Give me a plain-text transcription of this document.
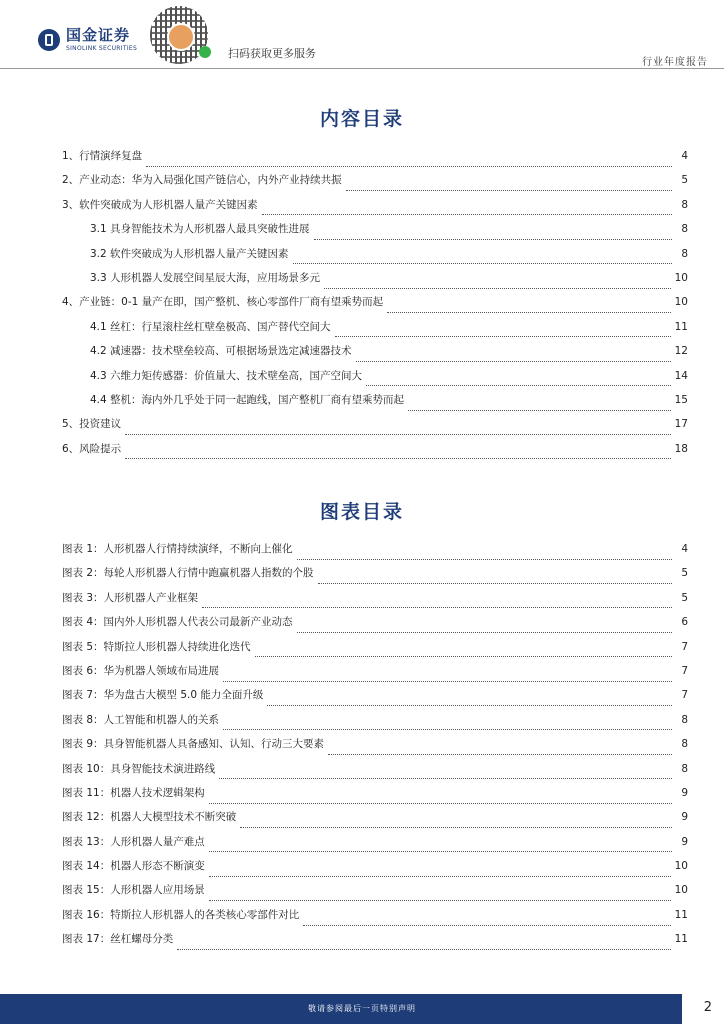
国金证券
SINOLINK SECURITIES	扫码获取更多服务
行业年度报告
内容目录
1、行情演绎复盘	4
2、产业动态：华为入局强化国产链信心，内外产业持续共振	5
3、软件突破成为人形机器人量产关键因素	8
3.1 具身智能技术为人形机器人最具突破性进展	8
3.2 软件突破成为人形机器人量产关键因素	8
3.3 人形机器人发展空间星辰大海，应用场景多元	10
4、产业链：0-1 量产在即，国产整机、核心零部件厂商有望乘势而起	10
4.1 丝杠：行星滚柱丝杠壁垒极高、国产替代空间大	11
4.2 减速器：技术壁垒较高、可根据场景选定减速器技术	12
4.3 六维力矩传感器：价值量大、技术壁垒高，国产空间大	14
4.4 整机：海内外几乎处于同一起跑线，国产整机厂商有望乘势而起	15
5、投资建议	17
6、风险提示	18
图表目录
图表 1：人形机器人行情持续演绎，不断向上催化	4
图表 2：每轮人形机器人行情中跑赢机器人指数的个股	5
图表 3：人形机器人产业框架	5
图表 4：国内外人形机器人代表公司最新产业动态	6
图表 5：特斯拉人形机器人持续进化迭代	7
图表 6：华为机器人领域布局进展	7
图表 7：华为盘古大模型 5.0 能力全面升级	7
图表 8：人工智能和机器人的关系	8
图表 9：具身智能机器人具备感知、认知、行动三大要素	8
图表 10：具身智能技术演进路线	8
图表 11：机器人技术逻辑架构	9
图表 12：机器人大模型技术不断突破	9
图表 13：人形机器人量产难点	9
图表 14：机器人形态不断演变	10
图表 15：人形机器人应用场景	10
图表 16：特斯拉人形机器人的各类核心零部件对比	11
图表 17：丝杠螺母分类	11
敬请参阅最后一页特别声明	2
